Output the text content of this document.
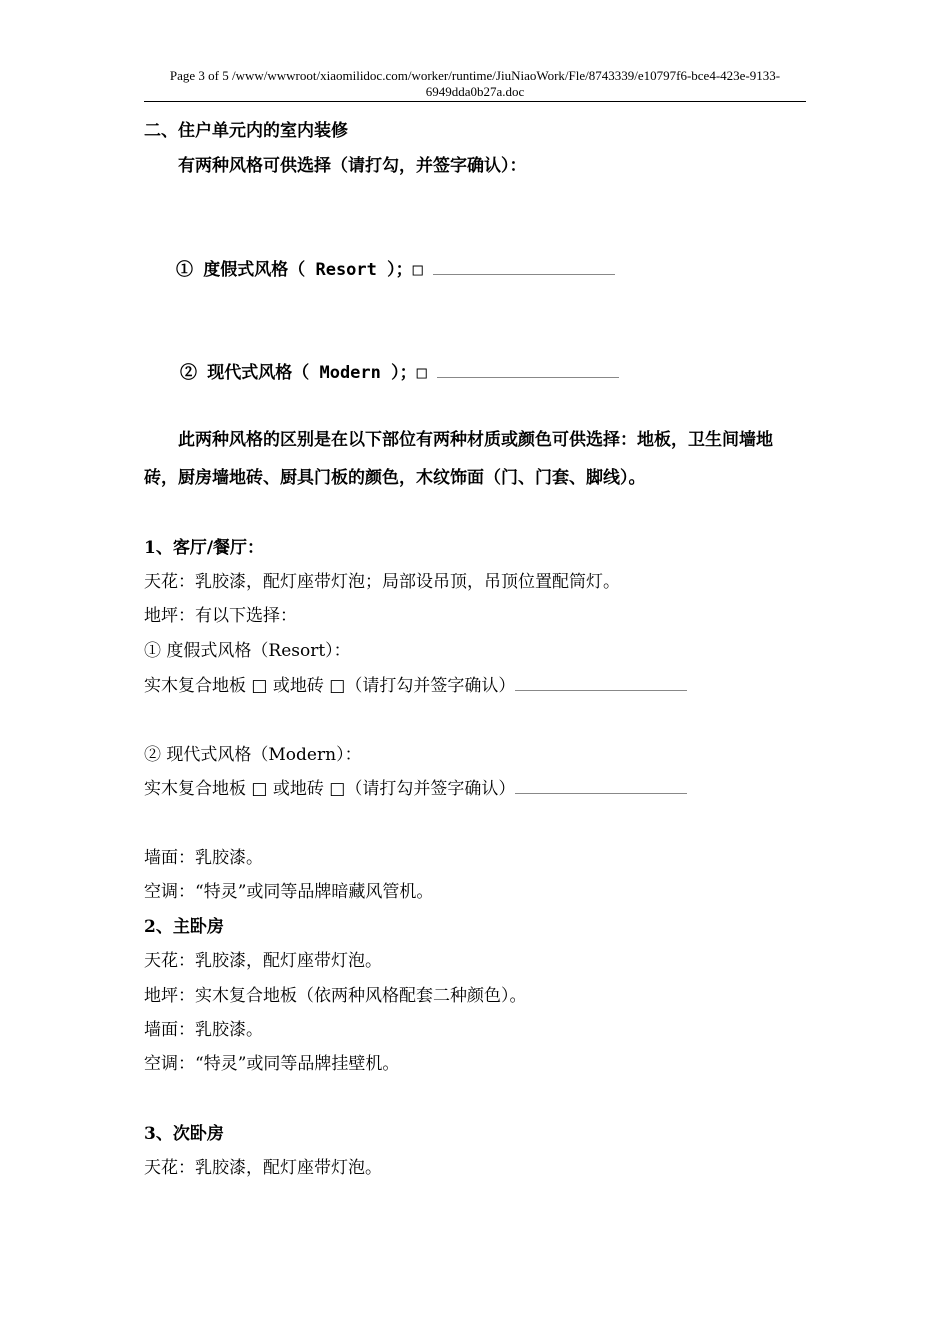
Page 3 of 5 /www/wwwroot/xiaomilidoc.com/worker/runtime/JiuNiaoWork/Fle/8743339/e10797f6-bce4-423e-9133-6949dda0b27a.doc
二、住户单元内的室内装修
有两种风格可供选择（请打勾，并签字确认）：
① 度假式风格（ Resort ）；□
② 现代式风格（ Modern ）；□
此两种风格的区别是在以下部位有两种材质或颜色可供选择：地板，卫生间墙地砖，厨房墙地砖、厨具门板的颜色，木纹饰面（门、门套、脚线）。
1、客厅/餐厅：
天花：乳胶漆，配灯座带灯泡；局部设吊顶，吊顶位置配筒灯。
地坪：有以下选择：
① 度假式风格（Resort）：
实木复合地板 □ 或地砖 □（请打勾并签字确认）
② 现代式风格（Modern）：
实木复合地板 □ 或地砖 □（请打勾并签字确认）
墙面：乳胶漆。
空调：“特灵”或同等品牌暗藏风管机。
2、主卧房
天花：乳胶漆，配灯座带灯泡。
地坪：实木复合地板（依两种风格配套二种颜色）。
墙面：乳胶漆。
空调：“特灵”或同等品牌挂壁机。
3、次卧房
天花：乳胶漆，配灯座带灯泡。
